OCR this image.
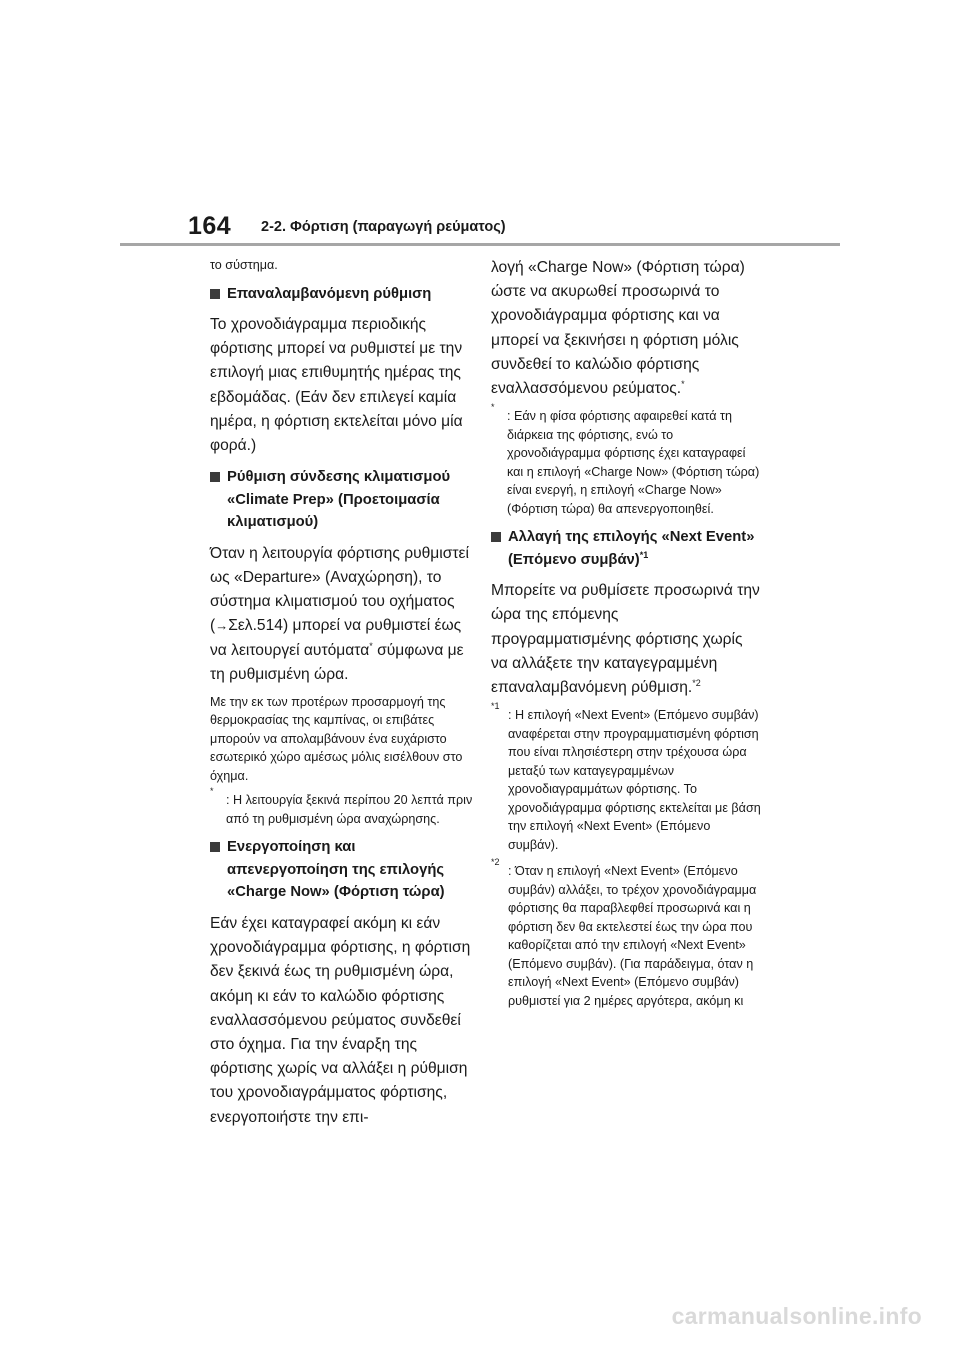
164 2-2. Φόρτιση (παραγωγή ρεύματος)

το σύστημα.

Επαναλαμβανόμενη ρύθμιση

Το χρονοδιάγραμμα περιοδικής φόρτισης μπορεί να ρυθμιστεί με την επιλογή μιας επιθυμητής ημέρας της εβδομάδας. (Εάν δεν επιλεγεί καμία ημέρα, η φόρτιση εκτελείται μόνο μία φορά.)

Ρύθμιση σύνδεσης κλιματισμού «Climate Prep» (Προετοιμασία κλιματισμού)

Όταν η λειτουργία φόρτισης ρυθμιστεί ως «Departure» (Αναχώρηση), το σύστημα κλιματισμού του οχήματος (→Σελ.514) μπορεί να ρυθμιστεί έως να λειτουργεί αυτόματα* σύμφωνα με τη ρυθμισμένη ώρα.

Με την εκ των προτέρων προσαρμογή της θερμοκρασίας της καμπίνας, οι επιβάτες μπορούν να απολαμβάνουν ένα ευχάριστο εσωτερικό χώρο αμέσως μόλις εισέλθουν στο όχημα.

*
: Η λειτουργία ξεκινά περίπου 20 λεπτά πριν από τη ρυθμισμένη ώρα αναχώρησης.
Ενεργοποίηση και απενεργοποίηση της επιλογής «Charge Now» (Φόρτιση τώρα)

Εάν έχει καταγραφεί ακόμη κι εάν χρονοδιάγραμμα φόρτισης, η φόρτιση δεν ξεκινά έως τη ρυθμισμένη ώρα, ακόμη κι εάν το καλώδιο φόρτισης εναλλασσόμενου ρεύματος συνδεθεί στο όχημα. Για την έναρξη της φόρτισης χωρίς να αλλάξει η ρύθμιση του χρονοδιαγράμματος φόρτισης, ενεργοποιήστε την επι-

λογή «Charge Now» (Φόρτιση τώρα) ώστε να ακυρωθεί προσωρινά το χρονοδιάγραμμα φόρτισης και να μπορεί να ξεκινήσει η φόρτιση μόλις συνδεθεί το καλώδιο φόρτισης εναλλασσόμενου ρεύματος.*

*
: Εάν η φίσα φόρτισης αφαιρεθεί κατά τη διάρκεια της φόρτισης, ενώ το χρονοδιάγραμμα φόρτισης έχει καταγραφεί και η επιλογή «Charge Now» (Φόρτιση τώρα) είναι ενεργή, η επιλογή «Charge Now» (Φόρτιση τώρα) θα απενεργοποιηθεί.
Αλλαγή της επιλογής «Next Event» (Επόμενο συμβάν)$^{*1}$

Μπορείτε να ρυθμίσετε προσωρινά την ώρα της επόμενης προγραμματισμένης φόρτισης χωρίς να αλλάξετε την καταγεγραμμένη επαναλαμβανόμενη ρύθμιση.$^{*2}$

*1
: Η επιλογή «Next Event» (Επόμενο συμβάν) αναφέρεται στην προγραμματισμένη φόρτιση που είναι πλησιέστερη στην τρέχουσα ώρα μεταξύ των καταγεγραμμένων χρονοδιαγραμμάτων φόρτισης. Το χρονοδιάγραμμα φόρτισης εκτελείται με βάση την επιλογή «Next Event» (Επόμενο συμβάν).
*2
: Όταν η επιλογή «Next Event» (Επόμενο συμβάν) αλλάξει, το τρέχον χρονοδιάγραμμα φόρτισης θα παραβλεφθεί προσωρινά και η φόρτιση δεν θα εκτελεστεί έως την ώρα που καθορίζεται από την επιλογή «Next Event» (Επόμενο συμβάν). (Για παράδειγμα, όταν η επιλογή «Next Event» (Επόμενο συμβάν) ρυθμιστεί για 2 ημέρες αργότερα, ακόμη κι
carmanualsonline.info
